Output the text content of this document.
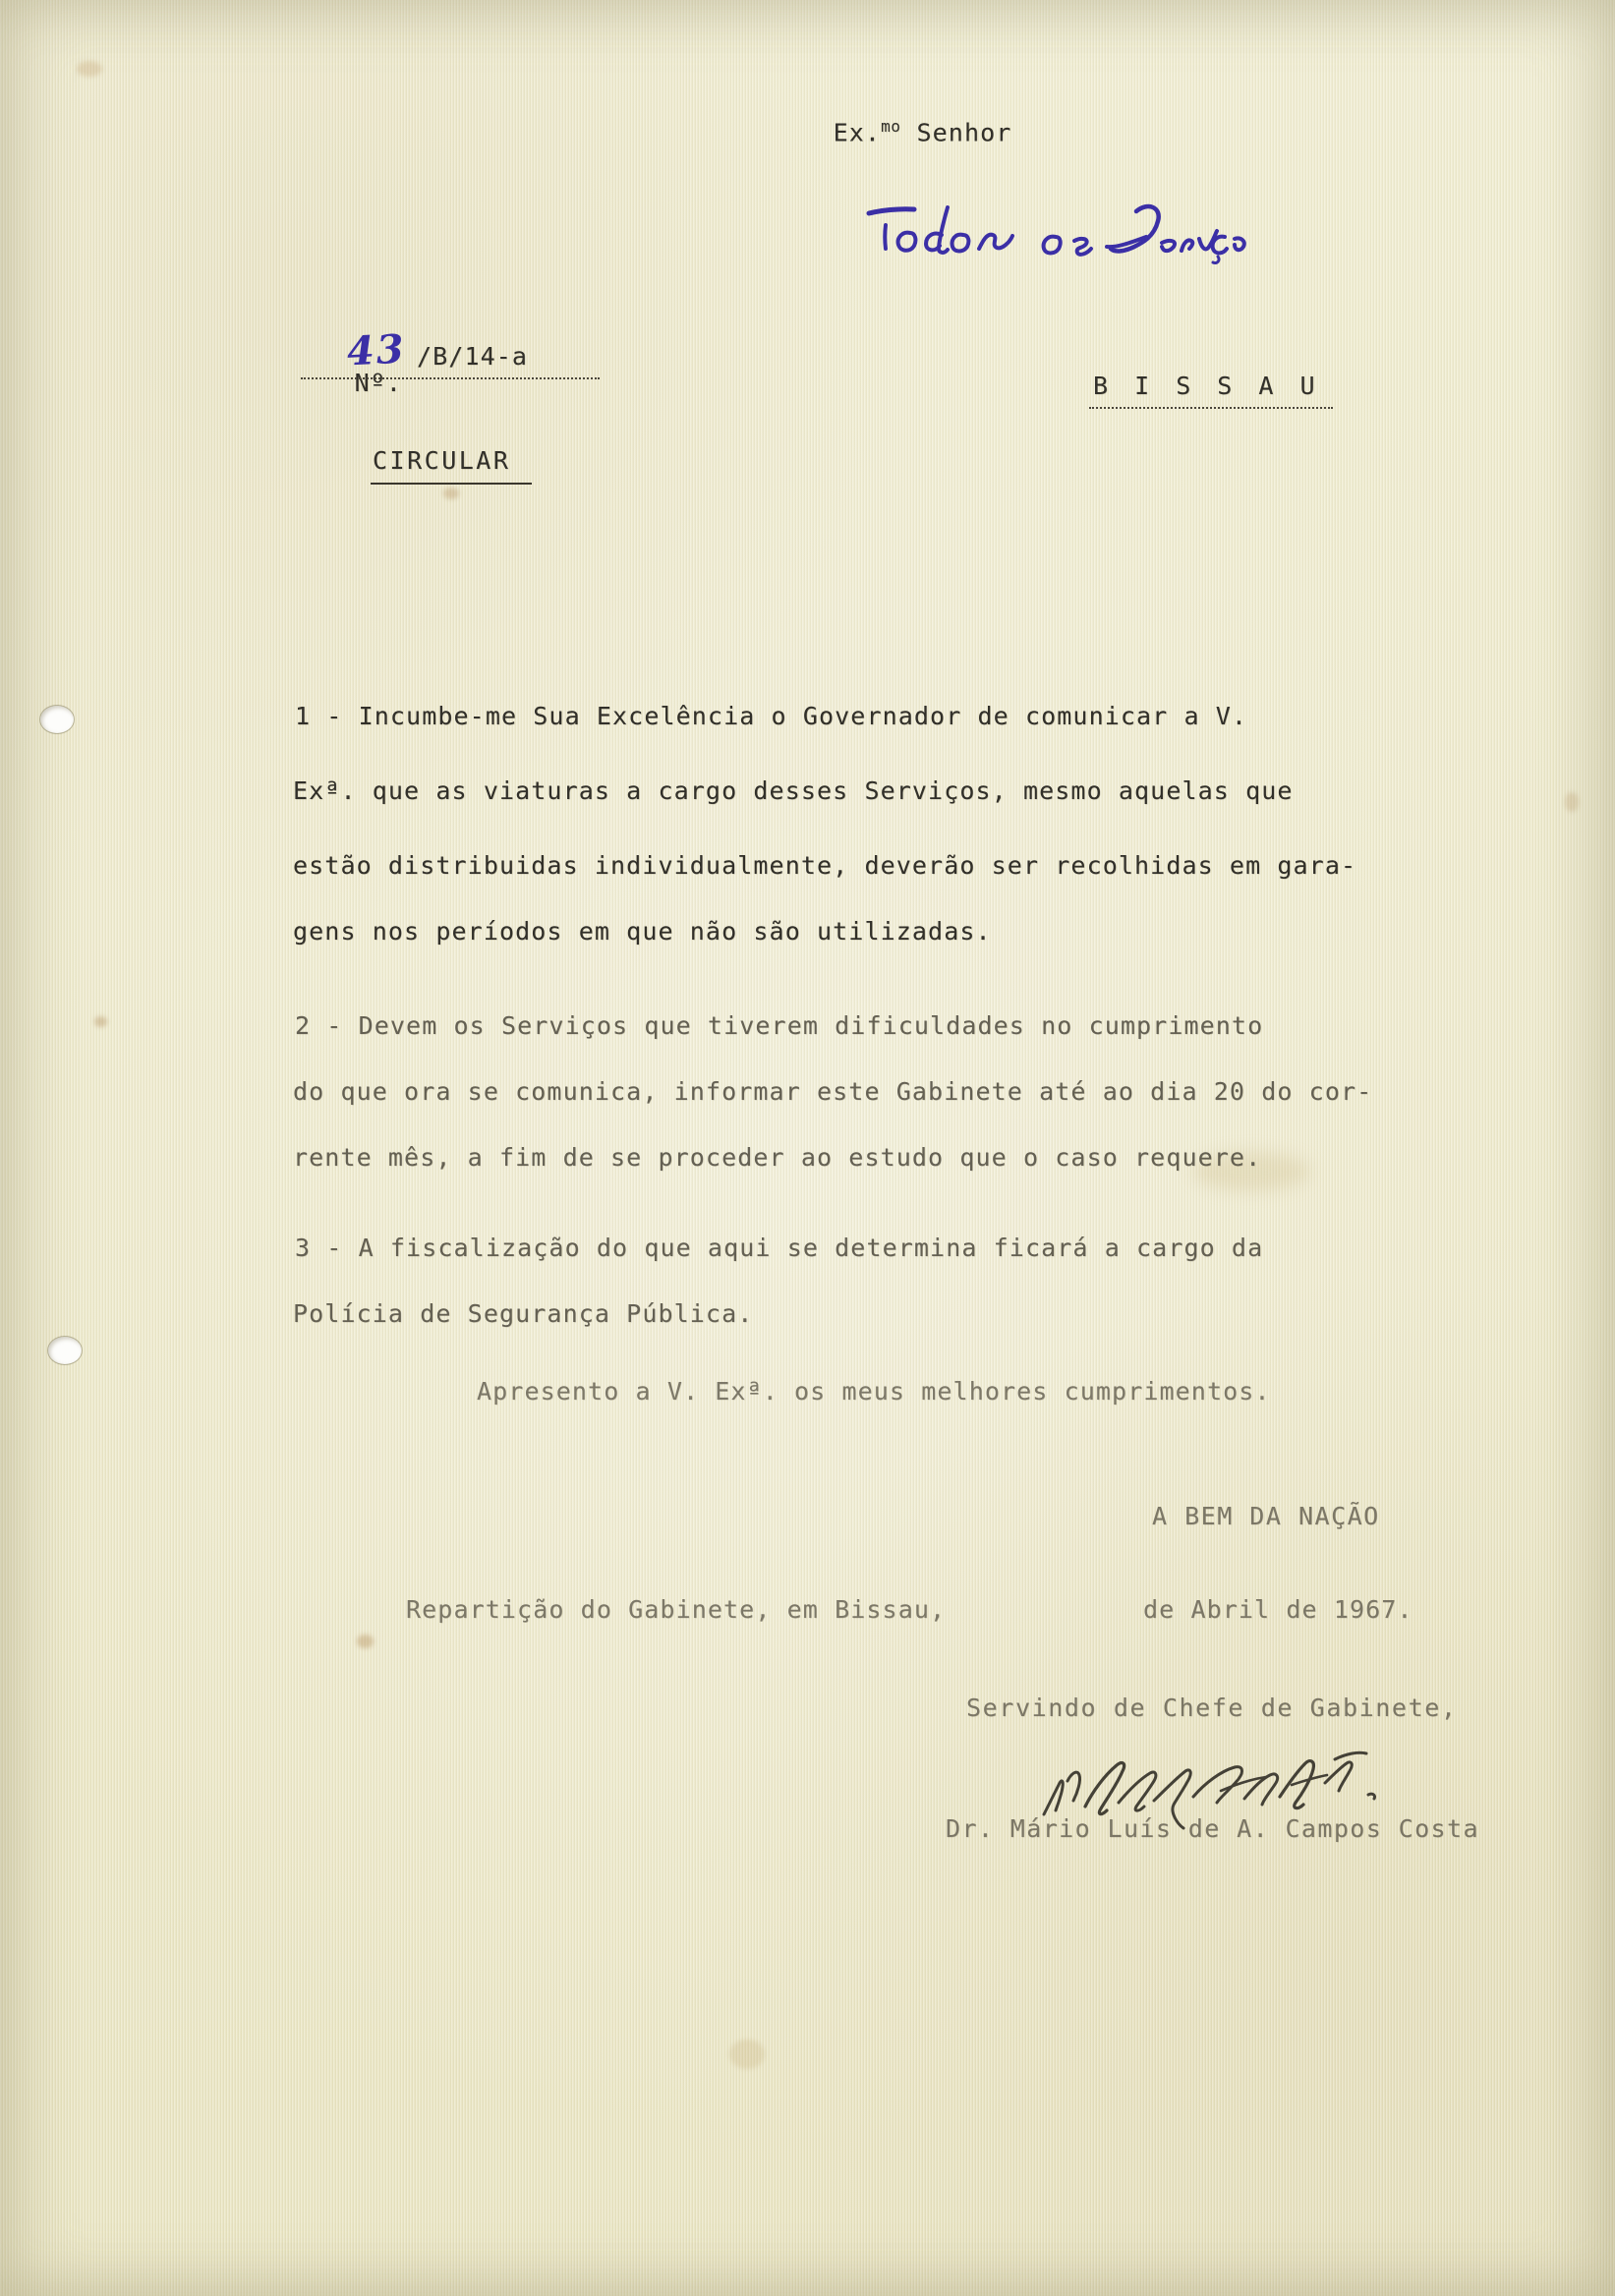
Ex.$^{mo}$ Senhor

Nº.

43 /B/14-a
B I S S A U
CIRCULAR
1 - Incumbe-me Sua Excelência o Governador de comunicar a V.
Exª. que as viaturas a cargo desses Serviços, mesmo aquelas que
estão distribuidas individualmente, deverão ser recolhidas em gara-
gens nos períodos em que não são utilizadas.
2 - Devem os Serviços que tiverem dificuldades no cumprimento
do que ora se comunica, informar este Gabinete até ao dia 20 do cor-
rente mês, a fim de se proceder ao estudo que o caso requere.
3 - A fiscalização do que aqui se determina ficará a cargo da
Polícia de Segurança Pública.
Apresento a V. Exª. os meus melhores cumprimentos.
A BEM DA NAÇÃO
Repartição do Gabinete, em Bissau,	de Abril de 1967.
Servindo de Chefe de Gabinete,
Dr. Mário Luís de A. Campos Costa
